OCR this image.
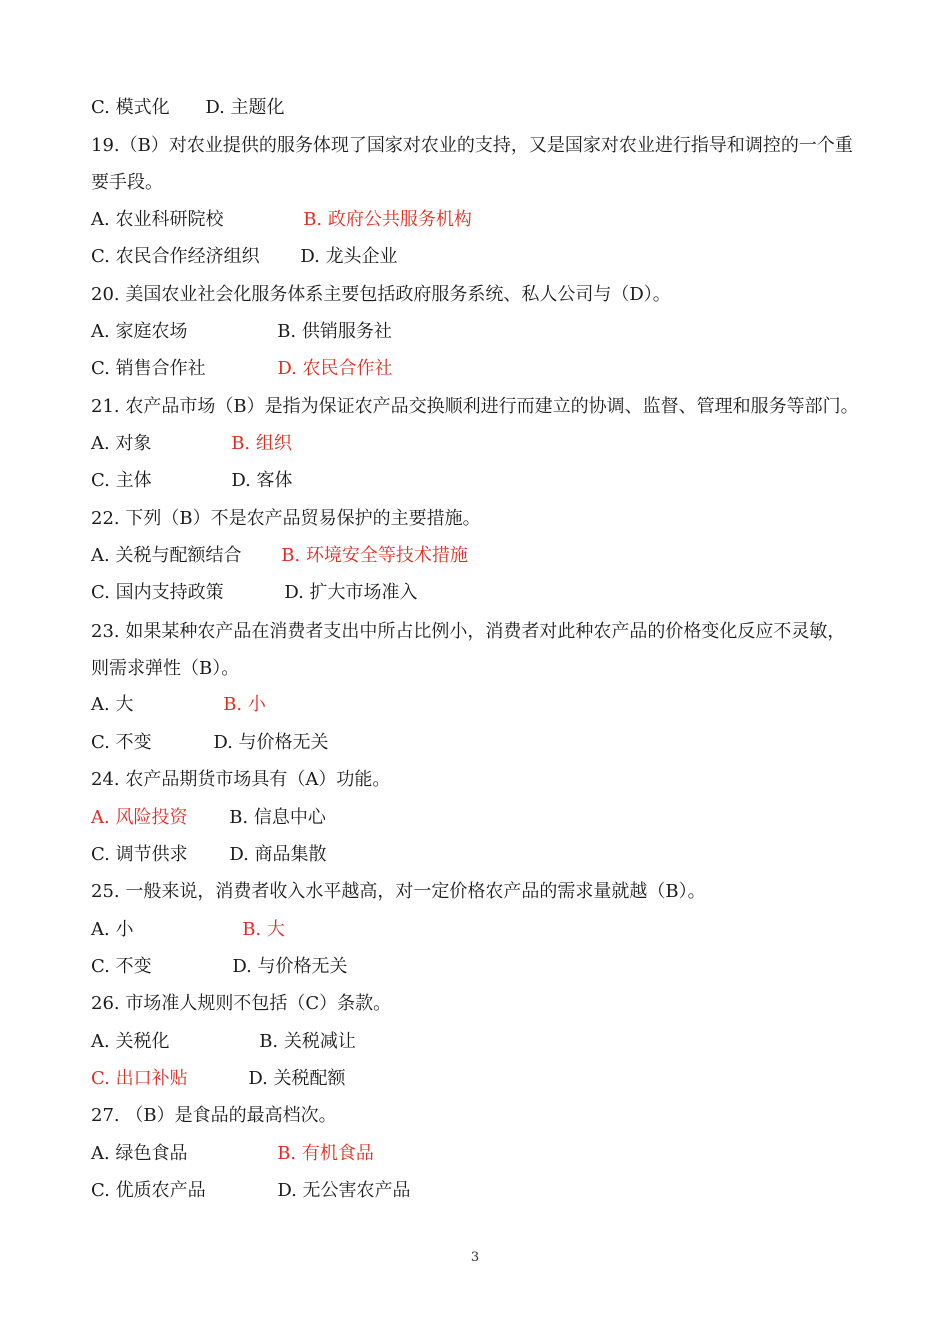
C. 模式化 D. 主题化
19.（B）对农业提供的服务体现了国家对农业的支持，又是国家对农业进行指导和调控的一个重要手段。
A. 农业科研院校	B. 政府公共服务机构
C. 农民合作经济组织 D. 龙头企业
20. 美国农业社会化服务体系主要包括政府服务系统、私人公司与（D）。
A. 家庭农场	B. 供销服务社
C. 销售合作社	D. 农民合作社
21. 农产品市场（B）是指为保证农产品交换顺利进行而建立的协调、监督、管理和服务等部门。
A. 对象	B. 组织
C. 主体	D. 客体
22. 下列（B）不是农产品贸易保护的主要措施。
A. 关税与配额结合 B. 环境安全等技术措施
C. 国内支持政策	D. 扩大市场准入
23. 如果某种农产品在消费者支出中所占比例小，消费者对此种农产品的价格变化反应不灵敏，则需求弹性（B）。
A. 大	B. 小
C. 不变	D. 与价格无关
24. 农产品期货市场具有（A）功能。
A. 风险投资 B. 信息中心
C. 调节供求 D. 商品集散
25. 一般来说，消费者收入水平越高，对一定价格农产品的需求量就越（B）。
A. 小	B. 大
C. 不变	D. 与价格无关
26. 市场准人规则不包括（C）条款。
A. 关税化	B. 关税减让
C. 出口补贴	D. 关税配额
27. （B）是食品的最高档次。
A. 绿色食品	B. 有机食品
C. 优质农产品	D. 无公害农产品
3
